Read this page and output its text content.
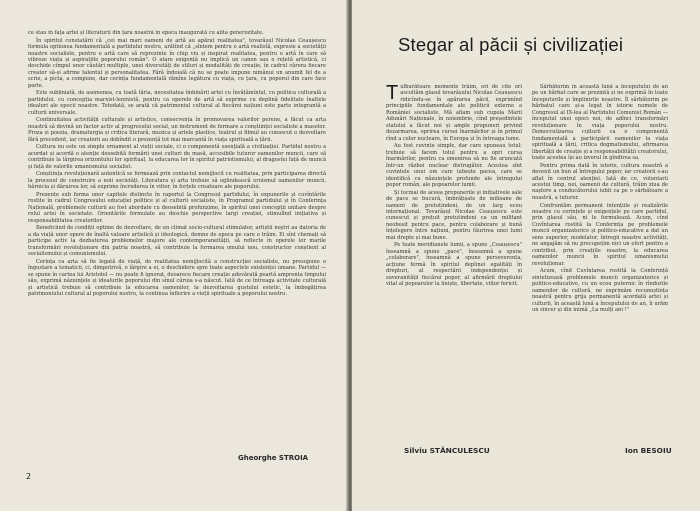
ce stau în fața artei și literaturii din țara noastră în epoca inaugurată cu aiîta generozitate.

În spiritul constatării că „cei mai mari oameni de artă au apărat realitatea", tovarășul Nicolae Ceaușescu formula optiunea fundamentală a partidului nostru, arătînd că „sîntem pentru o artă realistă, expresie a societății noastre socialiste, pentru o artă care să reprezinte în chip viu și inspirat realitatea, pentru o artă în care să vibreze viața și aspirațiile poporului român". O atare exigență nu implică un canon sau o rețetă artistică, ci deschide cîmpul unor căutări multiple, unei diversități de stiluri și modalități de creație, în cadrul cărora fiecare creator să-și afirme talentul și personalitatea. Fără îndoială că nu se poate impune nimănui un anumit fel de a scrie, a picta, a compune, dar cerința fundamentală rămîne legătura cu viața, cu țara, cu poporul din care face parte.

Este subliniată, de asemenea, cu toată tăria, necesitatea îmbinării artei cu învățămîntul, cu politica culturală a partidului, cu concepția marxist-leninistă, pentru ca operele de artă să exprime cu deplină fidelitate înaltele idealuri ale epocii noastre. Totodată, se arată că patrimoniul cultural al fiecărei națiuni este parte integrantă a culturii universale.

Continuitatea activității culturale și artistice, consecvența în promovarea valorilor perene, a făcut ca arta noastră să devină un factor activ al progresului social, un instrument de formare a conștiinței socialiste a maselor. Proza și poezia, dramaturgia și critica literară, muzica și artele plastice, teatrul și filmul au cunoscut o dezvoltare fără precedent, iar creatorii au dobîndit o prezență tot mai marcantă în viața spirituală a țării.

Cultura nu este un simplu ornament al vieții sociale, ci o componentă esențială a civilizației. Partidul nostru a acordat și acordă o atenție deosebită formării unei culturi de masă, accesibile tuturor oamenilor muncii, care să contribuie la lărgirea orizontului lor spiritual, la educarea lor în spiritul patriotismului, al dragostei față de muncă și față de valorile umanismului socialist.

Conștiința revoluționară autentică se formează prin contactul nemijlocit cu realitatea, prin participarea directă la procesul de construire a noii societăți. Literatura și arta trebuie să oglindească eroismul oamenilor muncii, hărnicia și dăruirea lor, să exprime încrederea în viitor, în forțele creatoare ale poporului.

Prezente sub forma unor capitole distincte în raportul la Congresul partidului, în expunerile și cuvîntările rostite în cadrul Congresului educației politice și al culturii socialiste, în Programul partidului și în Conferința Națională, problemele culturii au fost abordate cu deosebită profunzime, în spiritul unei concepții unitare despre rolul artei în societate. Orientările formulate au deschis perspective largi creației, stimulînd inițiativa și responsabilitatea creatorilor.

Beneficiind de condiții optime de dezvoltare, de un climat socio-cultural stimulator, artiștii noștri au datoria de a da viață unor opere de înaltă valoare artistică și ideologică, demne de epoca pe care o trăim. Ei sînt chemați să participe activ la dezbaterea problemelor majore ale contemporaneității, să reflecte în operele lor marile transformări revoluționare din patria noastră, să contribuie la formarea omului nou, constructor conștient al socialismului și comunismului.

Cerința ca arta să fie legată de viață, de realitatea nemijlocită a construcției socialiste, nu presupune o îngustare a tematicii, ci, dimpotrivă, o lărgire a ei, o deschidere spre toate aspectele existenței umane. Partidul — se spune în cartea lui Aristotel — nu poate fi ignorat, deoarece fiecare creație adevărată poartă amprenta timpului său, exprimă năzuințele și idealurile poporului din sînul căruia s-a născut. Iată de ce întreaga activitate culturală și artistică trebuie să contribuie la educarea oamenilor, la dezvoltarea gustului estetic, la îmbogățirea patrimoniului cultural al poporului nostru, la continua înflorire a vieții spirituale a poporului nostru.

Gheorghe STROIA
2
Stegar al păcii și civilizației
T ulburătoare momente trăim, ori de cîte ori ascultăm glasul tovarășului Nicolae Ceaușescu ridicîndu-se în apărarea păcii, exprimînd principiile fundamentale ale politicii externe a României socialiste. Mă aflam sub cupola Marii Adunări Naționale, în noiembrie, cînd președintele statului a făcut noi și ample propuneri privind dezarmarea, oprirea cursei înarmărilor și în primul rînd a celor nucleare, în Europa și în întreaga lume.

Au fost cuvinte simple, dar care spuneau totul: trebuie să facem totul pentru a opri cursa înarmărilor, pentru ca omenirea să nu fie aruncată într-un război nuclear distrugător. Acestea sînt cuvintele unui om care iubește pacea, care se identifică cu năzuințele profunde ale întregului popor român, ale popoarelor lumii.

Și tocmai de aceea propunerile și inițiativele sale de pace se bucură, îmbrățișate de milioane de oameni de pretutindeni, de un larg ecou internațional. Tovarășul Nicolae Ceaușescu este cunoscut și prețuit pretutindeni ca un militant neobosit pentru pace, pentru colaborare și bună înțelegere între națiuni, pentru făurirea unei lumi mai drepte și mai bune.

Pe toate meridianele lumii, a spune „Ceaușescu" înseamnă a spune „pace", înseamnă a spune „colaborare", înseamnă a spune perseverența, acțiune fermă în spiritul deplinei egalități în drepturi, al respectării independenței și suveranității fiecărui popor, al afirmării dreptului vital al popoarelor la liniște, libertate, viitor fericit.

Sărbătorim în această lună a începutului de an pe un bărbat care se prezintă și ne exprimă în toate începuturile și împlinirile noastre. Îl sărbătorim pe bărbatul care și-a legat în istorie numele de Congresul al IX-lea al Partidului Comunist Român — începutul unei epoci noi, de adînci transformări revoluționare în viața poporului nostru. Democratizarea culturii ca o componentă fundamentală a participării oamenilor la viața spirituală a țării, critica dogmatismului, afirmarea libertății de creație și a responsabilității creatorului, toate acestea își au izvorul în gîndirea sa.

Pentru prima dată în istorie, cultura noastră a devenit un bun al întregului popor, iar creatorii s-au aflat în centrul atenției. Iată de ce, voluntarii acestui timp, noi, oamenii de cultură, trăim ziua de naștere a conducătorului iubit ca pe o sărbătoare a noastră, a tuturor.

Confruntăm permanent intențiile și realizările noastre cu cerințele și exigențele pe care partidul, prin glasul său, ni le formulează. Acum, cînd Cuvîntarea rostită la Conferința pe problemele muncii organizatorice și politico-educative a dat un sens superior, modelator, întregii noastre activități, ne angajăm să nu precupețim nici un efort pentru a contribui, prin creațiile noastre, la educarea oamenilor muncii în spiritul umanismului revoluționar.

Acum, cînd Cuvîntarea rostită la Conferință sintetizează problemele muncii organizatorice și politico-educative, cu un ecou puternic în rîndurile oamenilor de cultură, ne exprimăm recunoștința noastră pentru grija permanentă acordată artei și culturii, în această lună a începutului de an, îi urăm un sincer și din inimă „La mulți ani !"

Silviu STĂNCULESCU	Ion BESOIU
